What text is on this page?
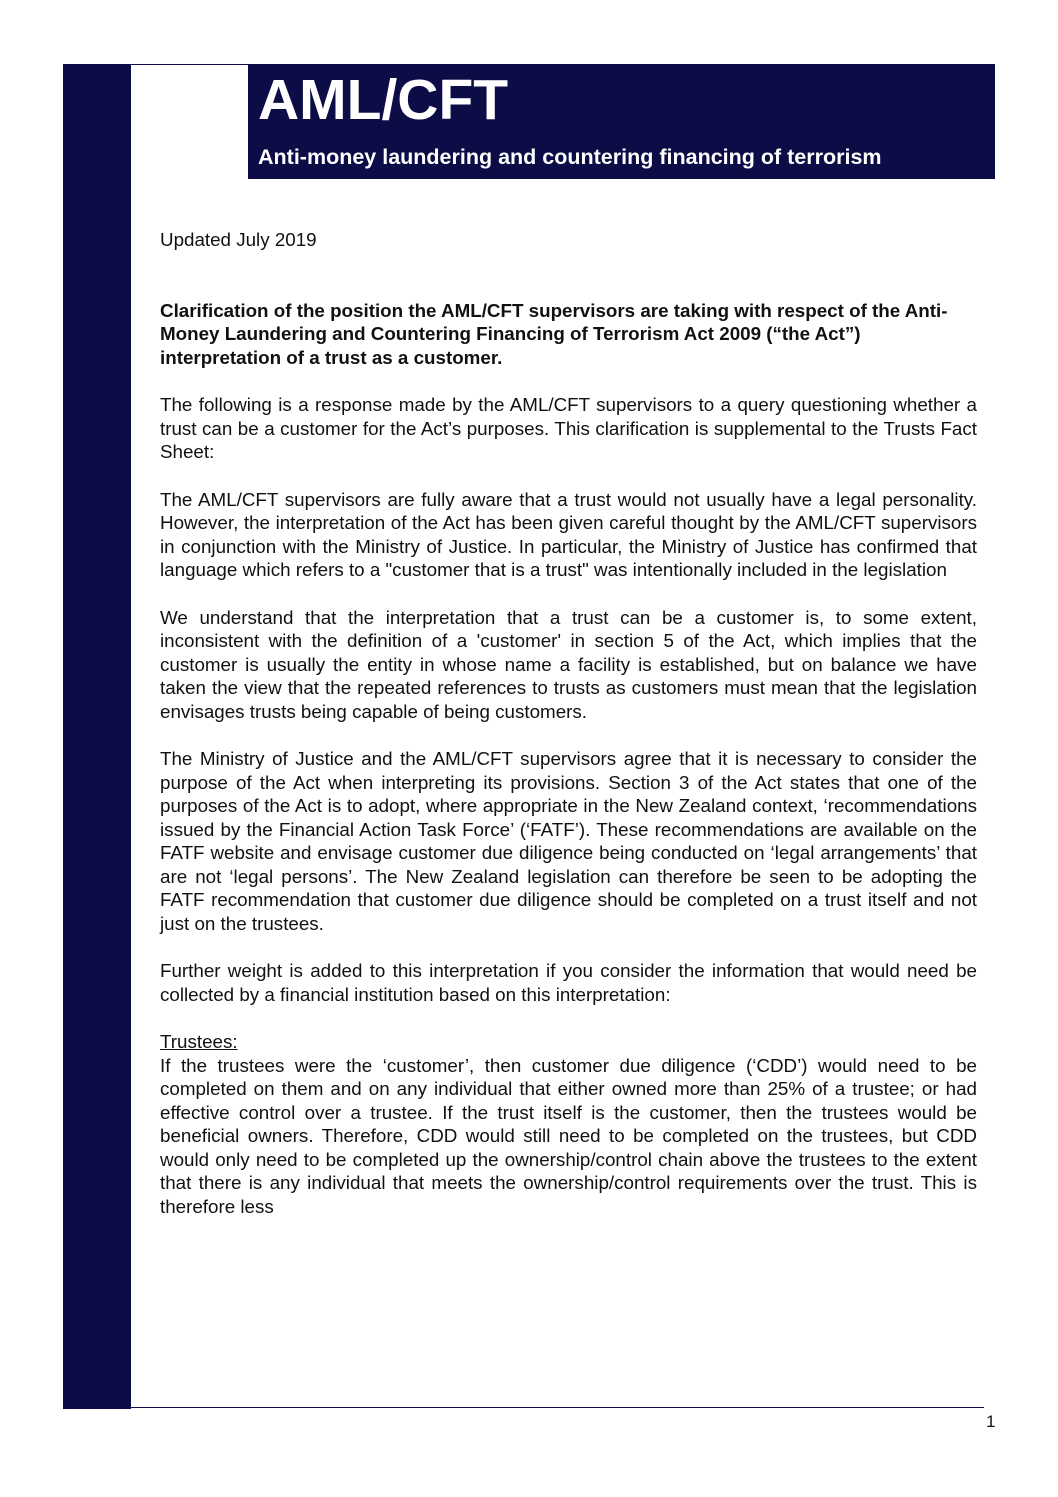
AML/CFT
Anti-money laundering and countering financing of terrorism

Updated July 2019

Clarification of the position the AML/CFT supervisors are taking with respect of the Anti-Money Laundering and Countering Financing of Terrorism Act 2009 (“the Act”) interpretation of a trust as a customer.

The following is a response made by the AML/CFT supervisors to a query questioning whether a trust can be a customer for the Act’s purposes. This clarification is supplemental to the Trusts Fact Sheet:

The AML/CFT supervisors are fully aware that a trust would not usually have a legal personality. However, the interpretation of the Act has been given careful thought by the AML/CFT supervisors in conjunction with the Ministry of Justice. In particular, the Ministry of Justice has confirmed that language which refers to a "customer that is a trust" was intentionally included in the legislation

We understand that the interpretation that a trust can be a customer is, to some extent, inconsistent with the definition of a 'customer' in section 5 of the Act, which implies that the customer is usually the entity in whose name a facility is established, but on balance we have taken the view that the repeated references to trusts as customers must mean that the legislation envisages trusts being capable of being customers.

The Ministry of Justice and the AML/CFT supervisors agree that it is necessary to consider the purpose of the Act when interpreting its provisions. Section 3 of the Act states that one of the purposes of the Act is to adopt, where appropriate in the New Zealand context, ‘recommendations issued by the Financial Action Task Force’ (‘FATF’). These recommendations are available on the FATF website and envisage customer due diligence being conducted on ‘legal arrangements’ that are not ‘legal persons’. The New Zealand legislation can therefore be seen to be adopting the FATF recommendation that customer due diligence should be completed on a trust itself and not just on the trustees.

Further weight is added to this interpretation if you consider the information that would need be collected by a financial institution based on this interpretation:

Trustees:

If the trustees were the ‘customer’, then customer due diligence (‘CDD’) would need to be completed on them and on any individual that either owned more than 25% of a trustee; or had effective control over a trustee. If the trust itself is the customer, then the trustees would be beneficial owners. Therefore, CDD would still need to be completed on the trustees, but CDD would only need to be completed up the ownership/control chain above the trustees to the extent that there is any individual that meets the ownership/control requirements over the trust. This is therefore less

1
